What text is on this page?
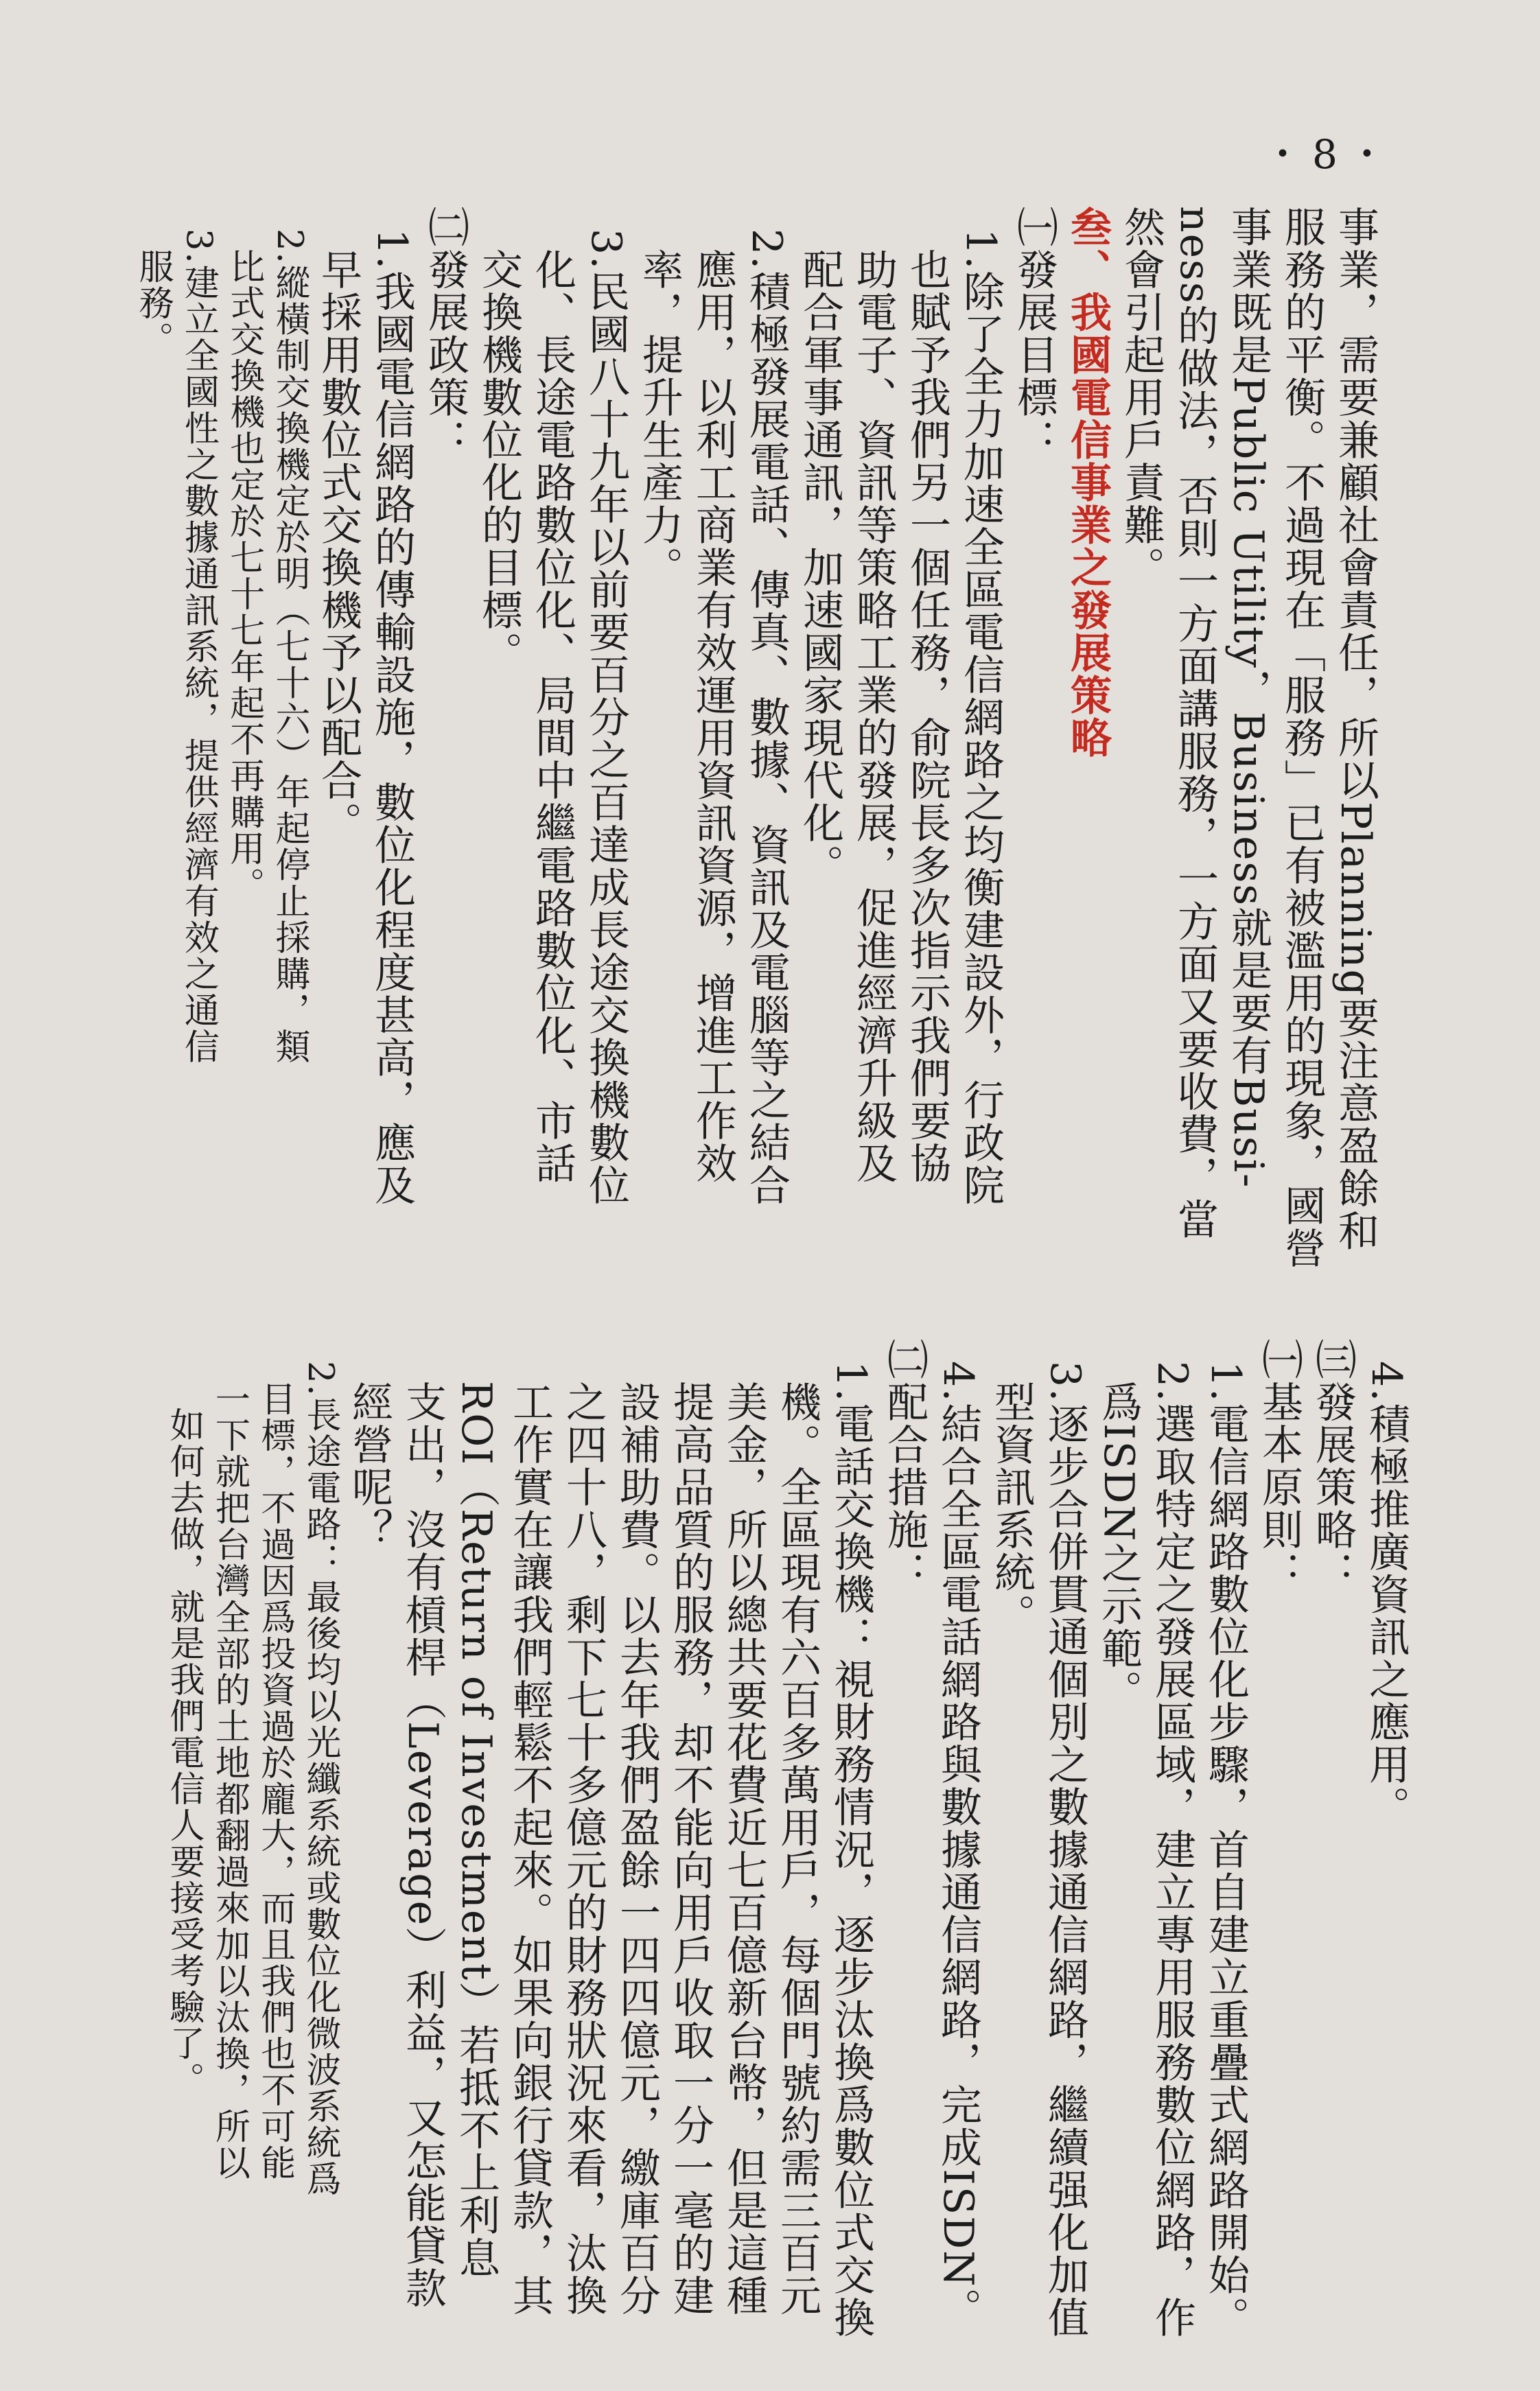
・8・
事業，需要兼顧社會責任，所以Planning要注意盈餘和
服務的平衡。不過現在「服務」已有被濫用的現象，國營
事業既是Public Utility，Business就是要有Busi-
ness的做法，否則一方面講服務，一方面又要收費，當
然會引起用戶責難。
叁、我國電信事業之發展策略
㈠發展目標：
1.除了全力加速全區電信網路之均衡建設外，行政院
也賦予我們另一個任務，俞院長多次指示我們要協
助電子、資訊等策略工業的發展，促進經濟升級及
配合軍事通訊，加速國家現代化。
2.積極發展電話、傳真、數據、資訊及電腦等之結合
應用，以利工商業有效運用資訊資源，增進工作效
率，提升生產力。
3.民國八十九年以前要百分之百達成長途交換機數位
化、長途電路數位化、局間中繼電路數位化、市話
交換機數位化的目標。
㈡發展政策：
1.我國電信網路的傳輸設施，數位化程度甚高，應及
早採用數位式交換機予以配合。
2.縱橫制交換機定於明（七十六）年起停止採購，類
比式交換機也定於七十七年起不再購用。
3.建立全國性之數據通訊系統，提供經濟有效之通信
服務。
4.積極推廣資訊之應用。
㈢發展策略：
㈠基本原則：
1.電信網路數位化步驟，首自建立重疊式網路開始。
2.選取特定之發展區域，建立專用服務數位網路，作
爲ISDN之示範。
3.逐步合併貫通個別之數據通信網路，繼續强化加值
型資訊系統。
4.結合全區電話網路與數據通信網路，完成ISDN。
㈡配合措施：
1.電話交換機：視財務情況，逐步汰換爲數位式交換
機。全區現有六百多萬用戶，每個門號約需三百元
美金，所以總共要花費近七百億新台幣，但是這種
提高品質的服務，却不能向用戶收取一分一毫的建
設補助費。以去年我們盈餘一四四億元，繳庫百分
之四十八，剩下七十多億元的財務狀況來看，汰換
工作實在讓我們輕鬆不起來。如果向銀行貸款，其
ROI（Return of Investment）若抵不上利息
支出，沒有槓桿（Leverage）利益，又怎能貸款
經營呢？
2.長途電路：最後均以光纖系統或數位化微波系統爲
目標，不過因爲投資過於龐大，而且我們也不可能
一下就把台灣全部的土地都翻過來加以汰換，所以
如何去做，就是我們電信人要接受考驗了。
